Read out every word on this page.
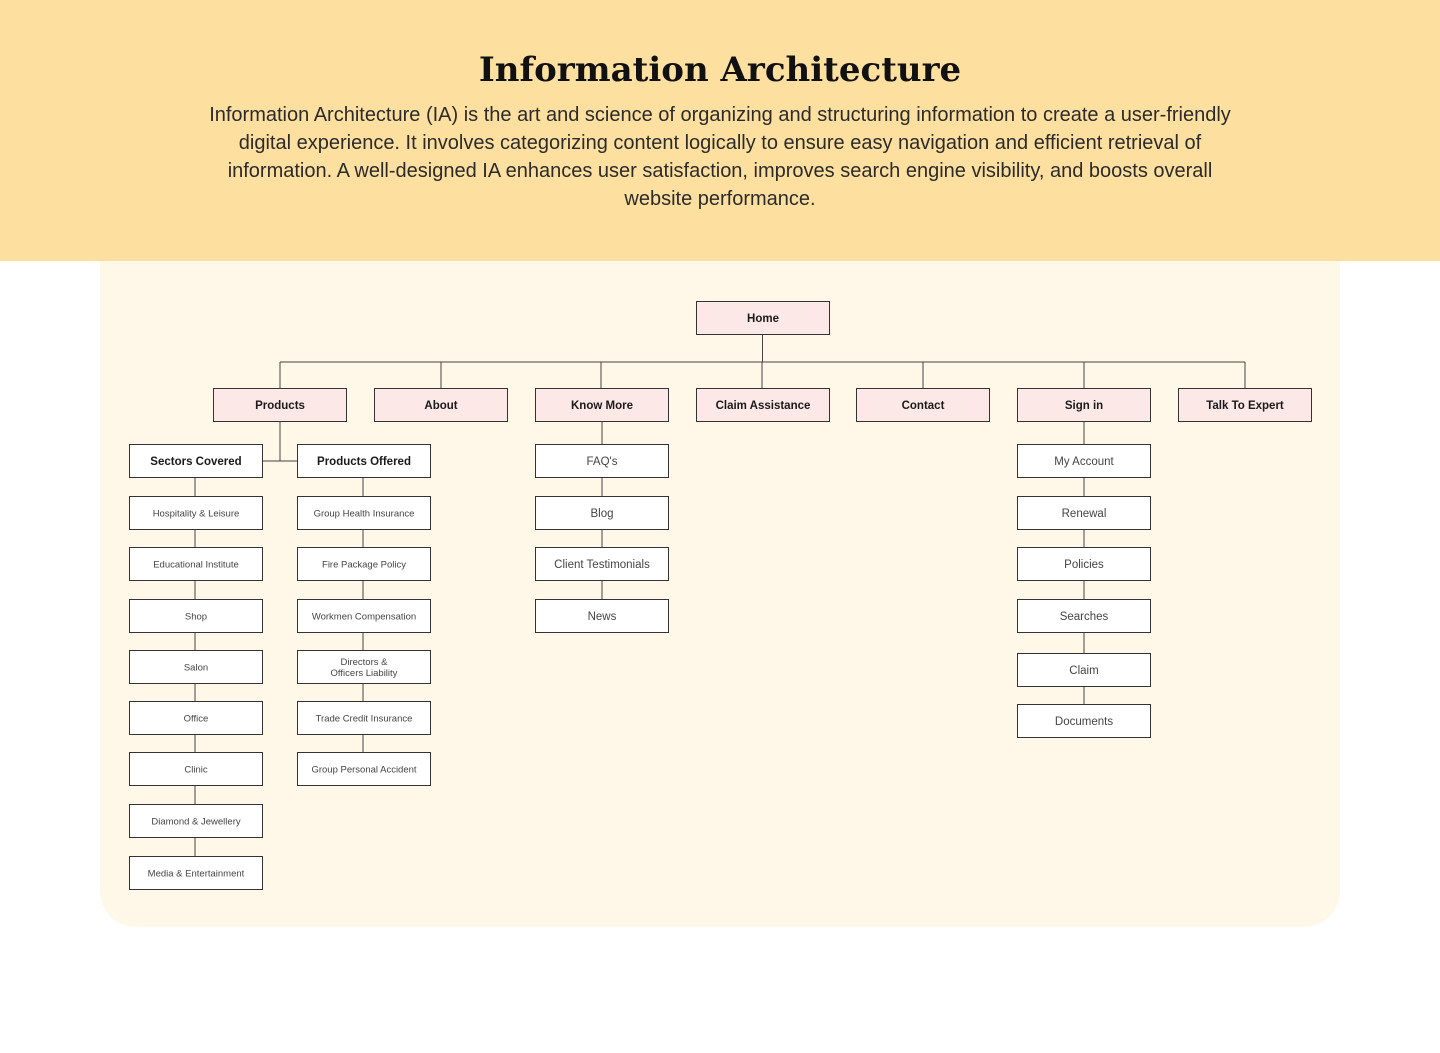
Information Architecture

Information Architecture (IA) is the art and science of organizing and structuring information to create a user-friendly digital experience. It involves categorizing content logically to ensure easy navigation and efficient retrieval of information. A well-designed IA enhances user satisfaction, improves search engine visibility, and boosts overall website performance.

Sectors Covered
Hospitality & Leisure
Educational Institute
Shop
Salon
Office
Clinic
Diamond & Jewellery
Media & Entertainment
Products Offered
Group Health Insurance
Fire Package Policy
Workmen Compensation
Directors & Officers Liability
Trade Credit Insurance
Group Personal Accident
FAQ's
Blog
Client Testimonials
News
My Account
Renewal
Policies
Searches
Claim
Documents
Home
Products	About	Know More	Claim Assistance	Contact	Sign in	Talk To Expert
